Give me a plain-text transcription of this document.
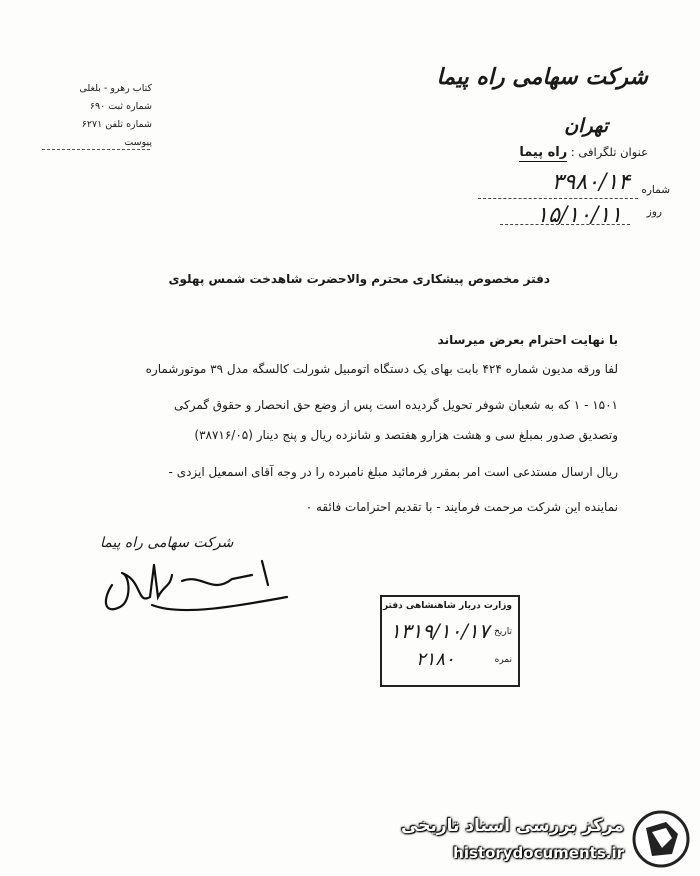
کتاب رهرو - بلغلی
شماره ثبت ۶۹۰
شماره تلفن ۶۲۷۱
پیوست
شرکت سهامی راه پیما
تهران
عنوان تلگرافی : راه پیما
شماره
۳۹۸۰/۱۴
روز
۱۵/۱۰/۱۱
دفتر مخصوص پیشکاری محترم والاحضرت شاهدخت شمس پهلوی
با نهایت احترام بعرض میرساند
لفا ورقه مدیون شماره ۴۲۴ بابت بهای یک دستگاه اتومبیل شورلت کالسگه مدل ۳۹ موتورشماره
۱۵۰۱ - ۱ که به شعبان شوفر تحویل گردیده است پس از وضع حق انحصار و حقوق گمرکی
وتصدیق صدور بمبلغ سی و هشت هزارو هفتصد و شانزده ریال و پنج دینار (۳۸۷۱۶/۰۵)
ریال ارسال مستدعی است امر بمقرر فرمائید مبلغ نامبرده را در وجه آقای اسمعیل ایزدی -
نماینده این شرکت مرحمت فرمایند - با تقدیم احترامات فائقه ۰
شرکت سهامی راه پیما
وزارت دربار شاهنشاهی دفتر
تاریخ
۱۳۱۹/۱۰/۱۷
نمره
۲۱۸۰
مرکز بررسی اسناد تاریخی
historydocuments.ir
